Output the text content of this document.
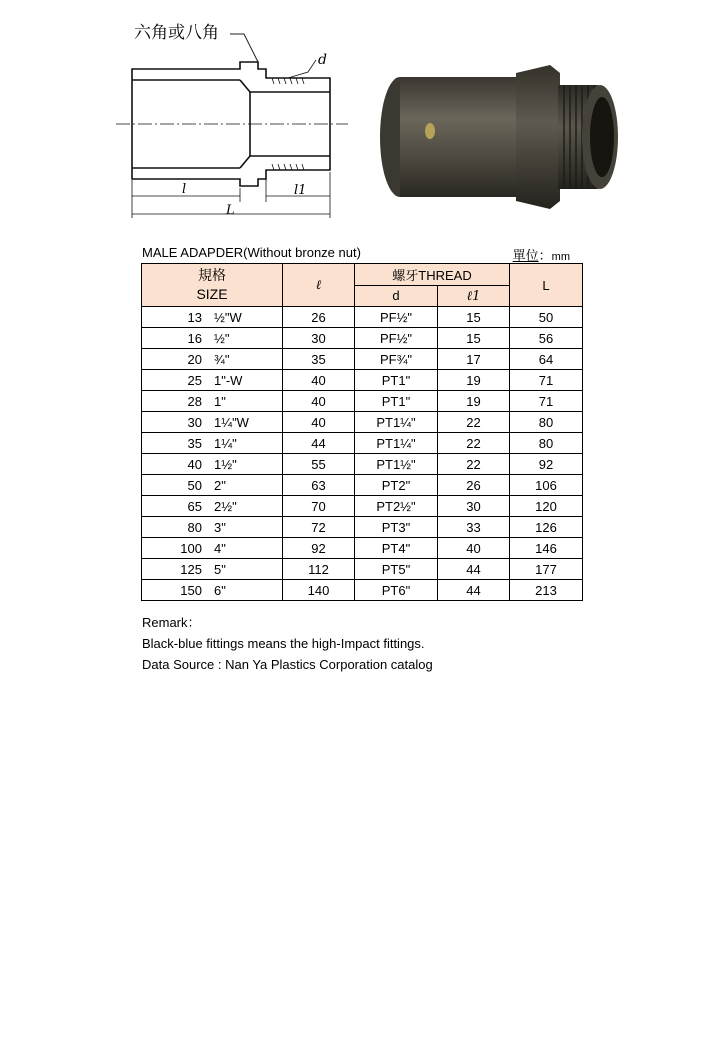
六角或八角
d
l	l1
L
MALE ADAPDER(Without bronze nut)	單位：mm
規格
SIZE	ℓ	螺牙THREAD		L
		d	ℓ1	
13 ½"W	26	PF½"	15	50
16 ½"	30	PF½"	15	56
20 ¾"	35	PF¾"	17	64
25 1"-W	40	PT1"	19	71
28 1"	40	PT1"	19	71
30 1¼"W	40	PT1¼"	22	80
35 1¼"	44	PT1¼"	22	80
40 1½"	55	PT1½"	22	92
50 2"	63	PT2"	26	106
65 2½"	70	PT2½"	30	120
80 3"	72	PT3"	33	126
100 4"	92	PT4"	40	146
125 5"	112	PT5"	44	177
150 6"	140	PT6"	44	213
Remark：
Black-blue fittings means the high-Impact fittings.
Data Source : Nan Ya Plastics Corporation catalog
